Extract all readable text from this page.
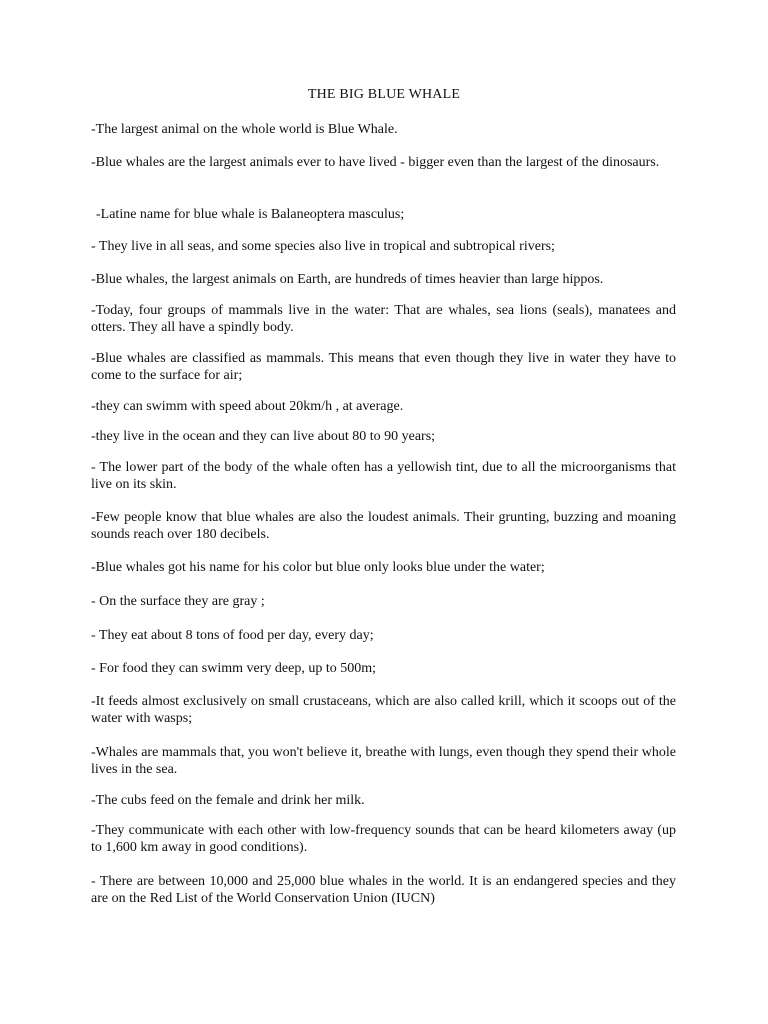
THE BIG BLUE WHALE
-The largest animal on the whole world is Blue Whale.
-Blue whales are the largest animals ever to have lived - bigger even than the largest of the dinosaurs.
-Latine name for blue whale is Balaneoptera masculus;
- They live in all seas, and some species also live in tropical and subtropical rivers;
-Blue whales, the largest animals on Earth, are hundreds of times heavier than large hippos.
-Today, four groups of mammals live in the water: That are whales, sea lions (seals), manatees and otters. They all have a spindly body.
-Blue whales are classified as mammals. This means that even though they live in water they have to come to the surface for air;
-they can swimm with speed about 20km/h , at average.
-they live in the ocean and they can live about 80 to 90 years;
- The lower part of the body of the whale often has a yellowish tint, due to all the microorganisms that live on its skin.
-Few people know that blue whales are also the loudest animals. Their grunting, buzzing and moaning sounds reach over 180 decibels.
-Blue whales got his name for his color but blue only looks blue under the water;
- On the surface they are gray ;
- They eat about 8 tons of food per day, every day;
- For food they can swimm very deep, up to 500m;
-It feeds almost exclusively on small crustaceans, which are also called krill, which it scoops out of the water with wasps;
-Whales are mammals that, you won't believe it, breathe with lungs, even though they spend their whole lives in the sea.
-The cubs feed on the female and drink her milk.
-They communicate with each other with low-frequency sounds that can be heard kilometers away (up to 1,600 km away in good conditions).
- There are between 10,000 and 25,000 blue whales in the world. It is an endangered species and they are on the Red List of the World Conservation Union (IUCN)
